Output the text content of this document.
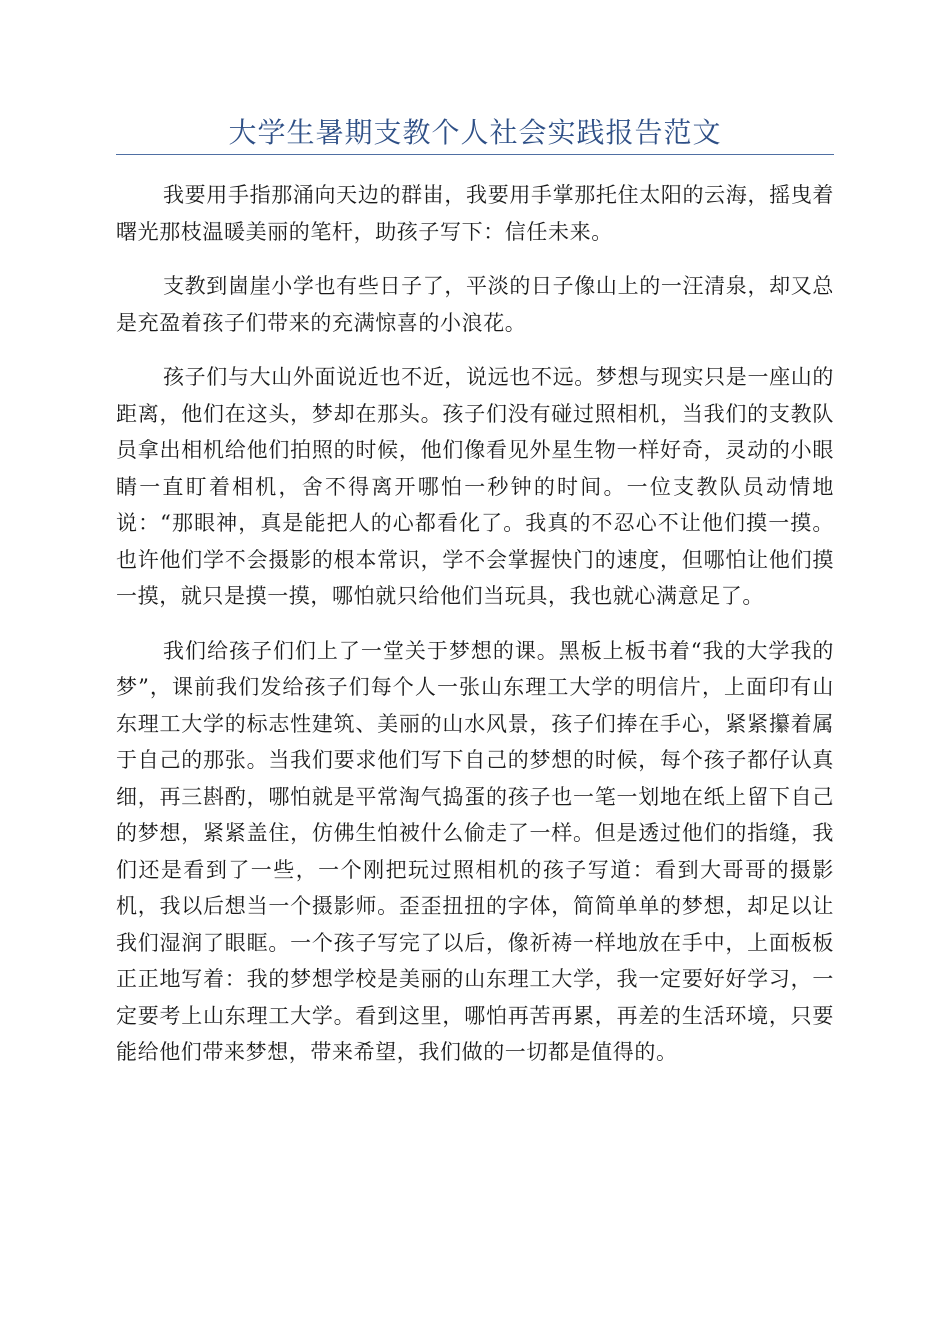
大学生暑期支教个人社会实践报告范文

我要用手指那涌向天边的群峀，我要用手掌那托住太阳的云海，摇曳着曙光那枝温暖美丽的笔杆，助孩子写下：信任未来。

支教到崮崖小学也有些日子了，平淡的日子像山上的一汪清泉，却又总是充盈着孩子们带来的充满惊喜的小浪花。

孩子们与大山外面说近也不近，说远也不远。梦想与现实只是一座山的距离，他们在这头，梦却在那头。孩子们没有碰过照相机，当我们的支教队员拿出相机给他们拍照的时候，他们像看见外星生物一样好奇，灵动的小眼睛一直盯着相机，舍不得离开哪怕一秒钟的时间。一位支教队员动情地说：“那眼神，真是能把人的心都看化了。我真的不忍心不让他们摸一摸。也许他们学不会摄影的根本常识，学不会掌握快门的速度，但哪怕让他们摸一摸，就只是摸一摸，哪怕就只给他们当玩具，我也就心满意足了。

我们给孩子们们上了一堂关于梦想的课。黑板上板书着“我的大学我的梦”，课前我们发给孩子们每个人一张山东理工大学的明信片，上面印有山东理工大学的标志性建筑、美丽的山水风景，孩子们捧在手心，紧紧攥着属于自己的那张。当我们要求他们写下自己的梦想的时候，每个孩子都仔认真细，再三斟酌，哪怕就是平常淘气捣蛋的孩子也一笔一划地在纸上留下自己的梦想，紧紧盖住，仿佛生怕被什么偷走了一样。但是透过他们的指缝，我们还是看到了一些，一个刚把玩过照相机的孩子写道：看到大哥哥的摄影机，我以后想当一个摄影师。歪歪扭扭的字体，简简单单的梦想，却足以让我们湿润了眼眶。一个孩子写完了以后，像祈祷一样地放在手中，上面板板正正地写着：我的梦想学校是美丽的山东理工大学，我一定要好好学习，一定要考上山东理工大学。看到这里，哪怕再苦再累，再差的生活环境，只要能给他们带来梦想，带来希望，我们做的一切都是值得的。
